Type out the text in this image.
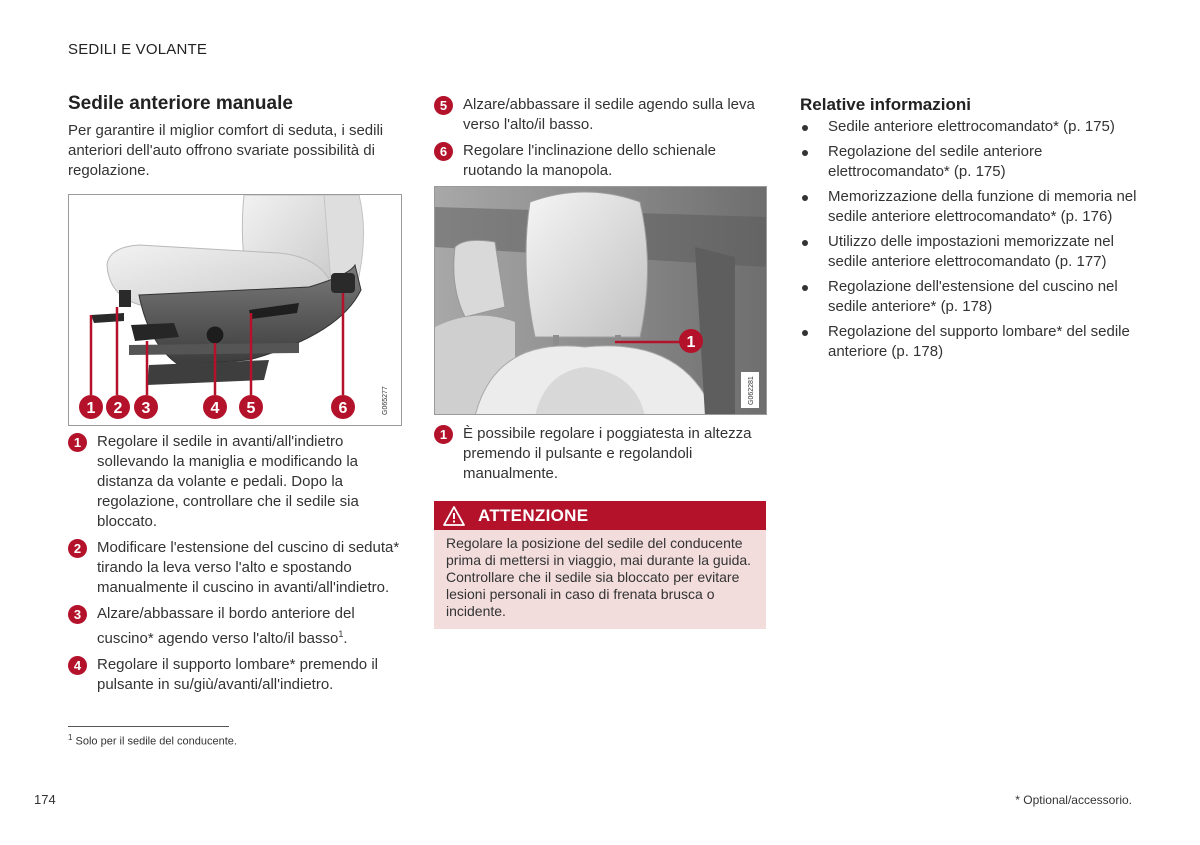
SEDILI E VOLANTE
Sedile anteriore manuale

Per garantire il miglior comfort di seduta, i sedili anteriori dell'auto offrono svariate possibilità di regolazione.

1 2 3	4 5	6	G065277
1	Regolare il sedile in avanti/all'indietro sollevando la maniglia e modificando la distanza da volante e pedali. Dopo la regolazione, controllare che il sedile sia bloccato.
2	Modificare l'estensione del cuscino di seduta* tirando la leva verso l'alto e spostando manualmente il cuscino in avanti/all'indietro.
3	Alzare/abbassare il bordo anteriore del cuscino* agendo verso l'alto/il basso$^1$.
4	Regolare il supporto lombare* premendo il pulsante in su/giù/avanti/all'indietro.
5	Alzare/abbassare il sedile agendo sulla leva verso l'alto/il basso.
6	Regolare l'inclinazione dello schienale ruotando la manopola.
1
G062281
1	È possibile regolare i poggiatesta in altezza premendo il pulsante e regolandoli manualmente.
ATTENZIONE
Regolare la posizione del sedile del conducente prima di mettersi in viaggio, mai durante la guida. Controllare che il sedile sia bloccato per evitare lesioni personali in caso di frenata brusca o incidente.
Relative informazioni
Sedile anteriore elettrocomandato* (p. 175)
Regolazione del sedile anteriore elettrocomandato* (p. 175)
Memorizzazione della funzione di memoria nel sedile anteriore elettrocomandato* (p. 176)
Utilizzo delle impostazioni memorizzate nel sedile anteriore elettrocomandato (p. 177)
Regolazione dell'estensione del cuscino nel sedile anteriore* (p. 178)
Regolazione del supporto lombare* del sedile anteriore (p. 178)
$^1$ Solo per il sedile del conducente.
174	* Optional/accessorio.
